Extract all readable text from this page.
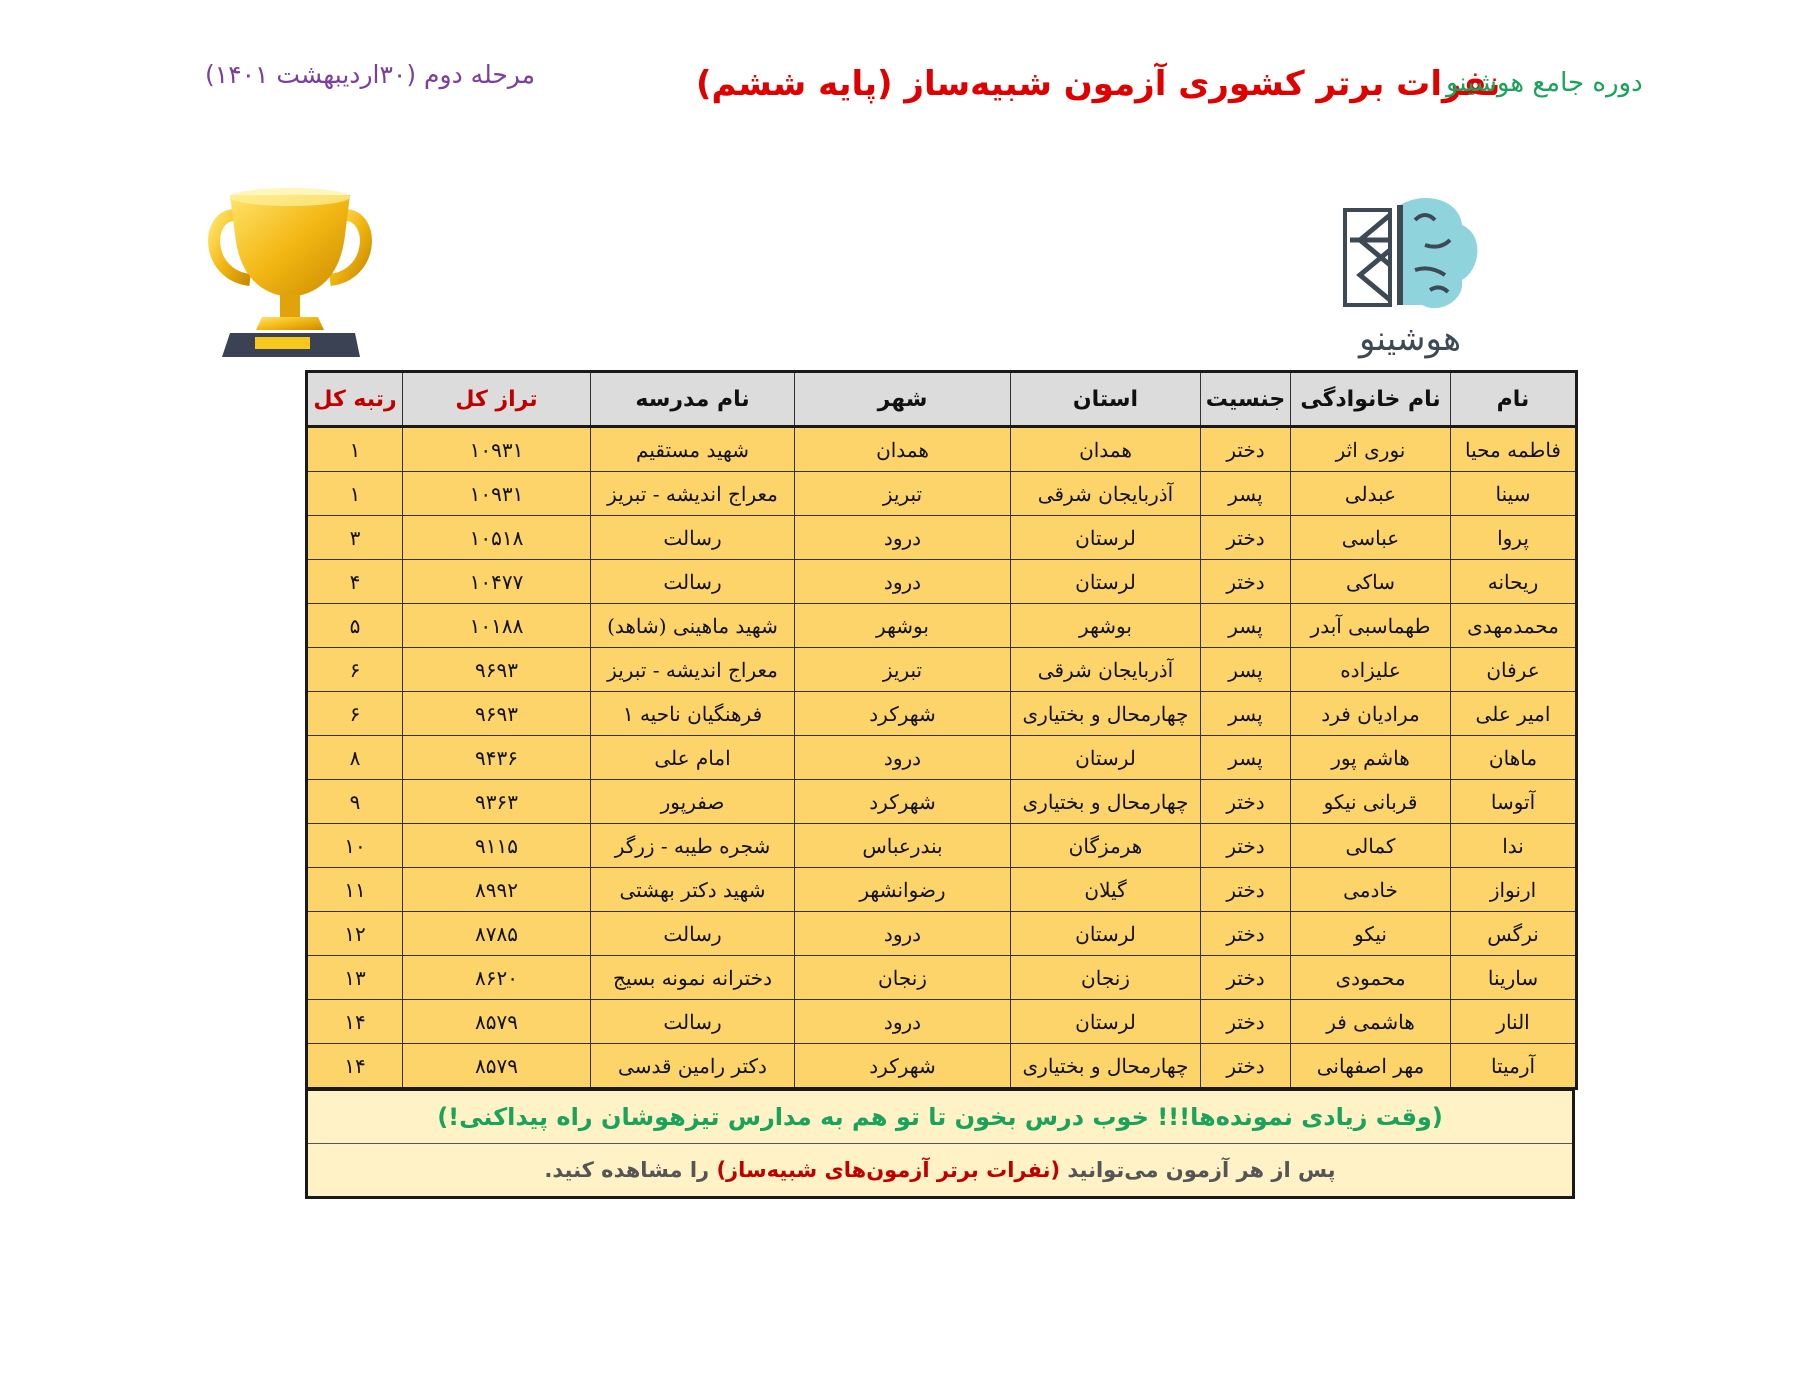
مرحله دوم (۳۰اردیبهشت ۱۴۰۱)	نفرات برتر کشوری آزمون شبیه‌ساز (پایه ششم)
دوره جامع هوشینو
هوشینو
نام	نام خانوادگی	جنسیت	استان	شهر	نام مدرسه	تراز کل	رتبه کل
فاطمه محیا	نوری اثر	دختر	همدان	همدان	شهید مستقیم	۱۰۹۳۱	۱
سینا	عبدلی	پسر	آذربایجان شرقی	تبریز	معراج اندیشه - تبریز	۱۰۹۳۱	۱
پروا	عباسی	دختر	لرستان	درود	رسالت	۱۰۵۱۸	۳
ریحانه	ساکی	دختر	لرستان	درود	رسالت	۱۰۴۷۷	۴
محمدمهدی	طهماسبی آبدر	پسر	بوشهر	بوشهر	شهید ماهینی (شاهد)	۱۰۱۸۸	۵
عرفان	علیزاده	پسر	آذربایجان شرقی	تبریز	معراج اندیشه - تبریز	۹۶۹۳	۶
امیر علی	مرادیان فرد	پسر	چهارمحال و بختیاری	شهرکرد	فرهنگیان ناحیه ۱	۹۶۹۳	۶
ماهان	هاشم پور	پسر	لرستان	درود	امام علی	۹۴۳۶	۸
آتوسا	قربانی نیکو	دختر	چهارمحال و بختیاری	شهرکرد	صفرپور	۹۳۶۳	۹
ندا	کمالی	دختر	هرمزگان	بندرعباس	شجره طیبه - زرگر	۹۱۱۵	۱۰
ارنواز	خادمی	دختر	گیلان	رضوانشهر	شهید دکتر بهشتی	۸۹۹۲	۱۱
نرگس	نیکو	دختر	لرستان	درود	رسالت	۸۷۸۵	۱۲
سارینا	محمودی	دختر	زنجان	زنجان	دخترانه نمونه بسیج	۸۶۲۰	۱۳
النار	هاشمی فر	دختر	لرستان	درود	رسالت	۸۵۷۹	۱۴
آرمیتا	مهر اصفهانی	دختر	چهارمحال و بختیاری	شهرکرد	دکتر رامین قدسی	۸۵۷۹	۱۴
(وقت زیادی نمونده‌ها!!! خوب درس بخون تا تو هم به مدارس تیزهوشان راه پیداکنی!)
پس از هر آزمون می‌توانید (نفرات برتر آزمون‌های شبیه‌ساز) را مشاهده کنید.
